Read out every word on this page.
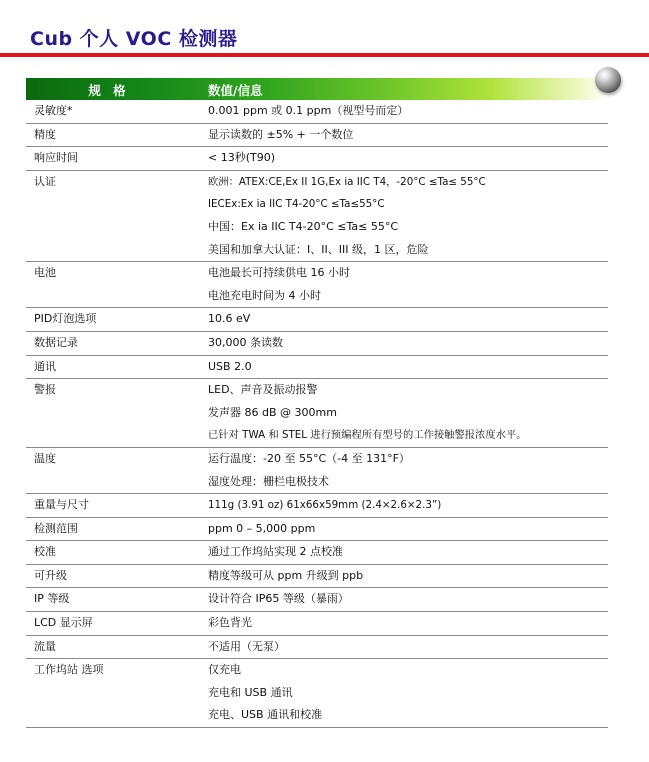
Cub 个人 VOC 检测器
规 格	数值/信息
灵敏度*	0.001 ppm 或 0.1 ppm（视型号而定）
精度	显示读数的 ±5% + 一个数位
响应时间	< 13秒(T90)
认证	欧洲：ATEX:CE,Ex II 1G,Ex ia IIC T4，-20°C ≤Ta≤ 55°C
IECEx:Ex ia IIC T4-20°C ≤Ta≤55°C
中国：Ex ia IIC T4-20°C ≤Ta≤ 55°C
美国和加拿大认证：I、II、III 级，1 区，危险
电池	电池最长可持续供电 16 小时
电池充电时间为 4 小时
PID灯泡选项	10.6 eV
数据记录	30,000 条读数
通讯	USB 2.0
警报	LED、声音及振动报警
发声器 86 dB @ 300mm
已针对 TWA 和 STEL 进行预编程所有型号的工作接触警报浓度水平。
温度	运行温度：-20 至 55°C（-4 至 131°F）
湿度处理：栅栏电极技术
重量与尺寸	111g (3.91 oz) 61x66x59mm (2.4×2.6×2.3”)
检测范围	ppm 0 – 5,000 ppm
校准	通过工作坞站实现 2 点校准
可升级	精度等级可从 ppm 升级到 ppb
IP 等级	设计符合 IP65 等级（暴雨）
LCD 显示屏	彩色背光
流量	不适用（无泵）
工作坞站 选项	仅充电
充电和 USB 通讯
充电、USB 通讯和校准
